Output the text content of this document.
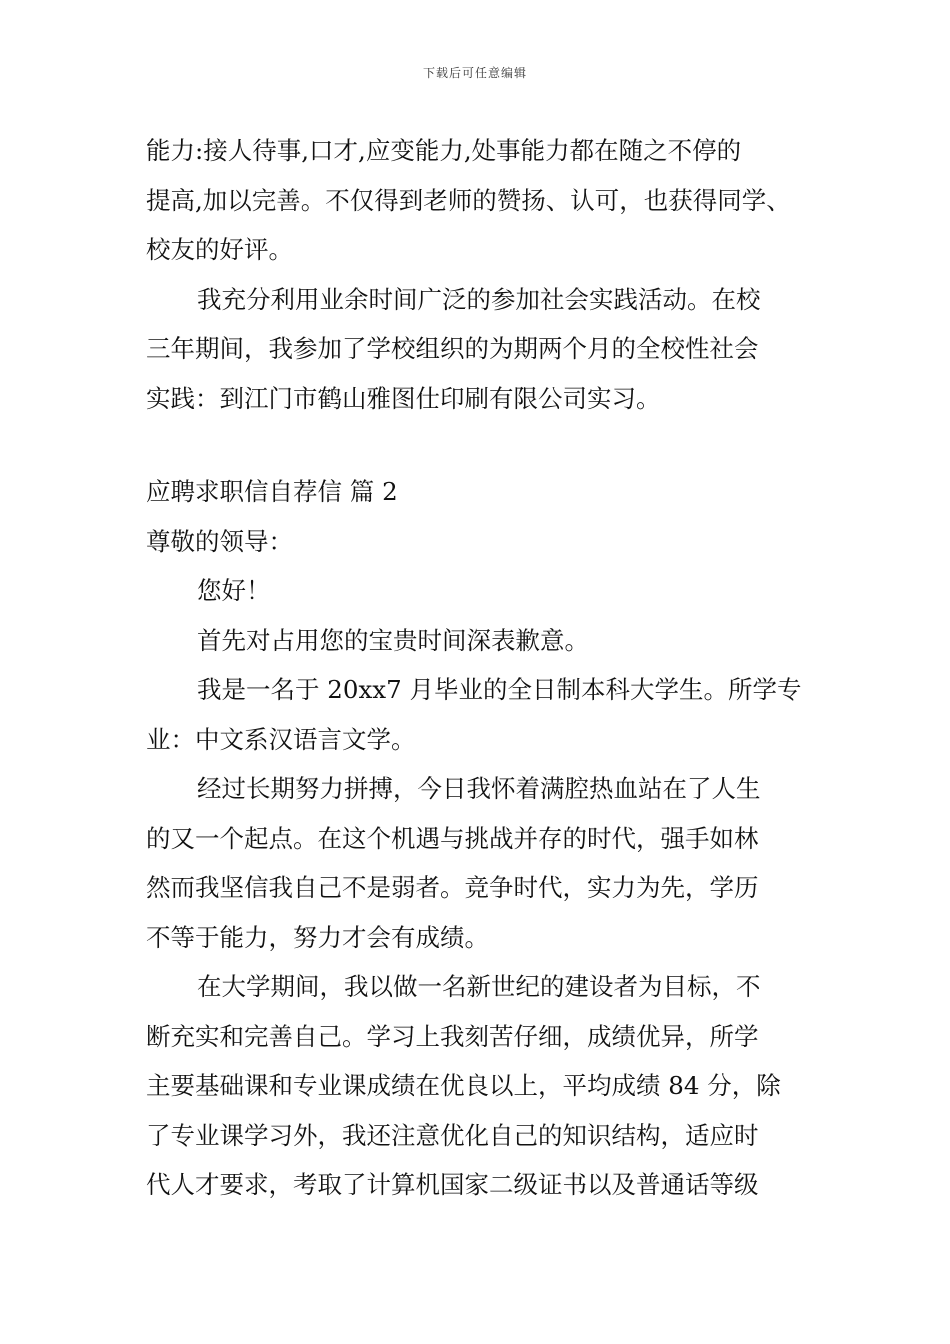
下载后可任意编辑

能力:接人待事,口才,应变能力,处事能力都在随之不停的

提高,加以完善。不仅得到老师的赞扬、认可，也获得同学、

校友的好评。

我充分利用业余时间广泛的参加社会实践活动。在校

三年期间，我参加了学校组织的为期两个月的全校性社会

实践：到江门市鹤山雅图仕印刷有限公司实习。

应聘求职信自荐信 篇 2

尊敬的领导：

您好！

首先对占用您的宝贵时间深表歉意。

我是一名于 20xx7 月毕业的全日制本科大学生。所学专

业：中文系汉语言文学。

经过长期努力拼搏，今日我怀着满腔热血站在了人生

的又一个起点。在这个机遇与挑战并存的时代，强手如林

然而我坚信我自己不是弱者。竞争时代，实力为先，学历

不等于能力，努力才会有成绩。

在大学期间，我以做一名新世纪的建设者为目标，不

断充实和完善自己。学习上我刻苦仔细，成绩优异，所学

主要基础课和专业课成绩在优良以上，平均成绩 84 分，除

了专业课学习外，我还注意优化自己的知识结构，适应时

代人才要求，考取了计算机国家二级证书以及普通话等级
